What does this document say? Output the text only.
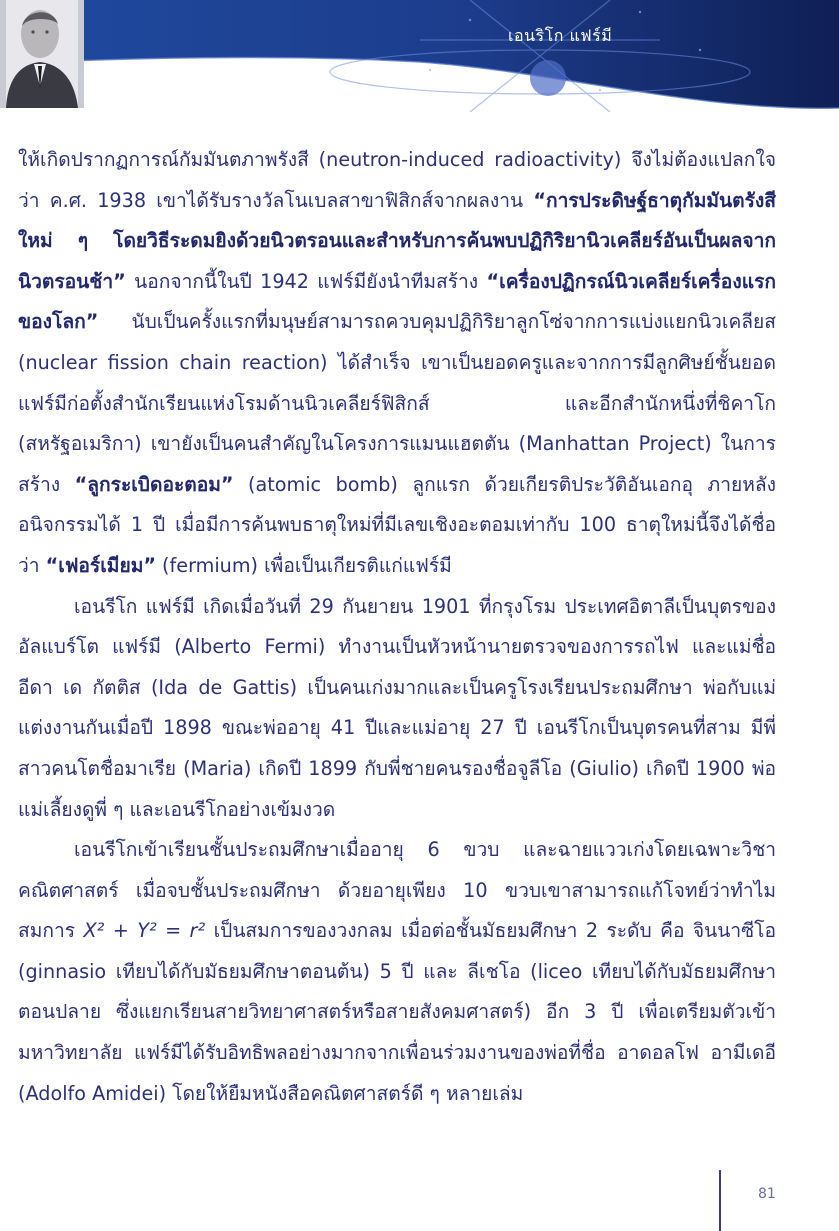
เอนริโก แฟร์มี

ให้เกิดปรากฏการณ์กัมมันตภาพรังสี (neutron-induced radioactivity) จึงไม่ต้องแปลกใจว่า ค.ศ. 1938 เขาได้รับรางวัลโนเบลสาขาฟิสิกส์จากผลงาน “การประดิษฐ์ธาตุกัมมันตรังสีใหม่ ๆ โดยวิธีระดมยิงด้วยนิวตรอนและสำหรับการค้นพบปฏิกิริยานิวเคลียร์อันเป็นผลจากนิวตรอนช้า” นอกจากนี้ในปี 1942 แฟร์มียังนำทีมสร้าง “เครื่องปฏิกรณ์นิวเคลียร์เครื่องแรกของโลก” นับเป็นครั้งแรกที่มนุษย์สามารถควบคุมปฏิกิริยาลูกโซ่จากการแบ่งแยกนิวเคลียส (nuclear fission chain reaction) ได้สำเร็จ เขาเป็นยอดครูและจากการมีลูกศิษย์ชั้นยอด แฟร์มีก่อตั้งสำนักเรียนแห่งโรมด้านนิวเคลียร์ฟิสิกส์ และอีกสำนักหนึ่งที่ชิคาโก (สหรัฐอเมริกา) เขายังเป็นคนสำคัญในโครงการแมนแฮตตัน (Manhattan Project) ในการสร้าง “ลูกระเบิดอะตอม” (atomic bomb) ลูกแรก ด้วยเกียรติประวัติอันเอกอุ ภายหลังอนิจกรรมได้ 1 ปี เมื่อมีการค้นพบธาตุใหม่ที่มีเลขเชิงอะตอมเท่ากับ 100 ธาตุใหม่นี้จึงได้ชื่อว่า “เฟอร์เมียม” (fermium) เพื่อเป็นเกียรติแก่แฟร์มี

เอนรีโก แฟร์มี เกิดเมื่อวันที่ 29 กันยายน 1901 ที่กรุงโรม ประเทศอิตาลีเป็นบุตรของ อัลแบร์โต แฟร์มี (Alberto Fermi) ทำงานเป็นหัวหน้านายตรวจของการรถไฟ และแม่ชื่อ อีดา เด กัตติส (Ida de Gattis) เป็นคนเก่งมากและเป็นครูโรงเรียนประถมศึกษา พ่อกับแม่แต่งงานกันเมื่อปี 1898 ขณะพ่ออายุ 41 ปีและแม่อายุ 27 ปี เอนรีโกเป็นบุตรคนที่สาม มีพี่สาวคนโตชื่อมาเรีย (Maria) เกิดปี 1899 กับพี่ชายคนรองชื่อจูลีโอ (Giulio) เกิดปี 1900 พ่อแม่เลี้ยงดูพี่ ๆ และเอนรีโกอย่างเข้มงวด

เอนรีโกเข้าเรียนชั้นประถมศึกษาเมื่ออายุ 6 ขวบ และฉายแววเก่งโดยเฉพาะวิชาคณิตศาสตร์ เมื่อจบชั้นประถมศึกษา ด้วยอายุเพียง 10 ขวบเขาสามารถแก้โจทย์ว่าทำไมสมการ X² + Y² = r² เป็นสมการของวงกลม เมื่อต่อชั้นมัธยมศึกษา 2 ระดับ คือ จินนาซีโอ (ginnasio เทียบได้กับมัธยมศึกษาตอนต้น) 5 ปี และ ลีเชโอ (liceo เทียบได้กับมัธยมศึกษาตอนปลาย ซึ่งแยกเรียนสายวิทยาศาสตร์หรือสายสังคมศาสตร์) อีก 3 ปี เพื่อเตรียมตัวเข้ามหาวิทยาลัย แฟร์มีได้รับอิทธิพลอย่างมากจากเพื่อนร่วมงานของพ่อที่ชื่อ อาดอลโฟ อามีเดอี (Adolfo Amidei) โดยให้ยืมหนังสือคณิตศาสตร์ดี ๆ หลายเล่ม

81
